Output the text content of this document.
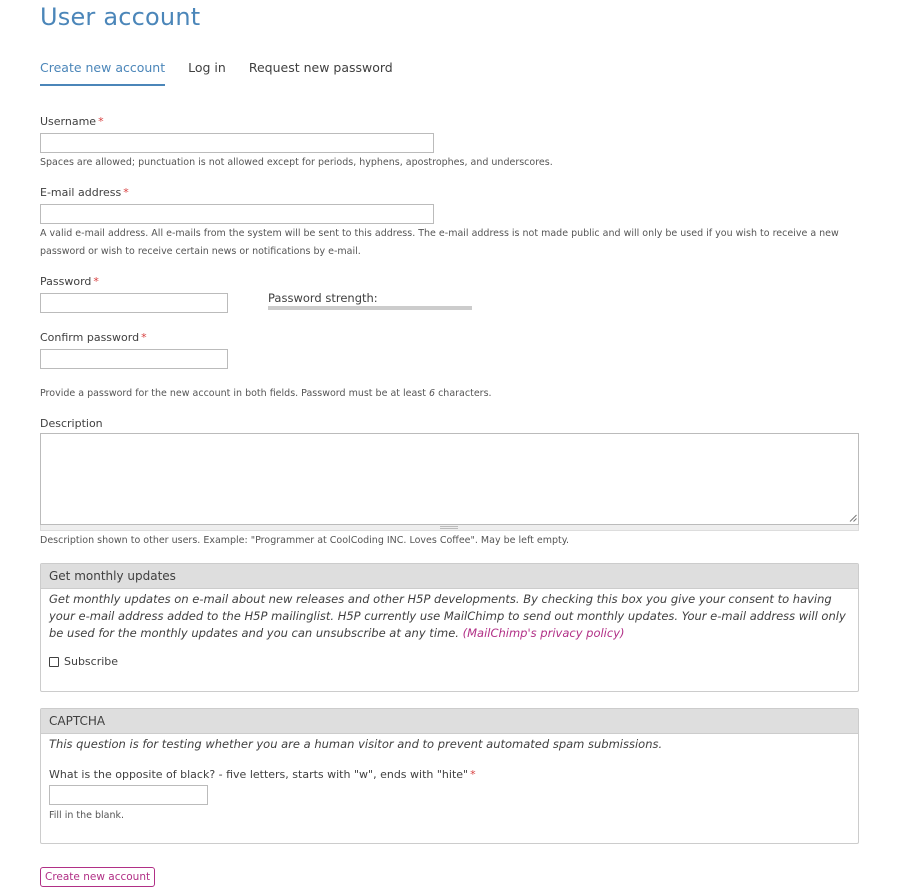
User account
Create new account Log in Request new password
Username *
Spaces are allowed; punctuation is not allowed except for periods, hyphens, apostrophes, and underscores.
E-mail address *
A valid e-mail address. All e-mails from the system will be sent to this address. The e-mail address is not made public and will only be used if you wish to receive a new password or wish to receive certain news or notifications by e-mail.
Password *
Password strength:
Confirm password *
Provide a password for the new account in both fields. Password must be at least 6 characters.
Description
Description shown to other users. Example: "Programmer at CoolCoding INC. Loves Coffee". May be left empty.
Get monthly updates
Get monthly updates on e-mail about new releases and other H5P developments. By checking this box you give your consent to having your e-mail address added to the H5P mailinglist. H5P currently use MailChimp to send out monthly updates. Your e-mail address will only be used for the monthly updates and you can unsubscribe at any time. (MailChimp's privacy policy)
Subscribe
CAPTCHA
This question is for testing whether you are a human visitor and to prevent automated spam submissions.
What is the opposite of black? - five letters, starts with "w", ends with "hite" *
Fill in the blank.
Create new account
